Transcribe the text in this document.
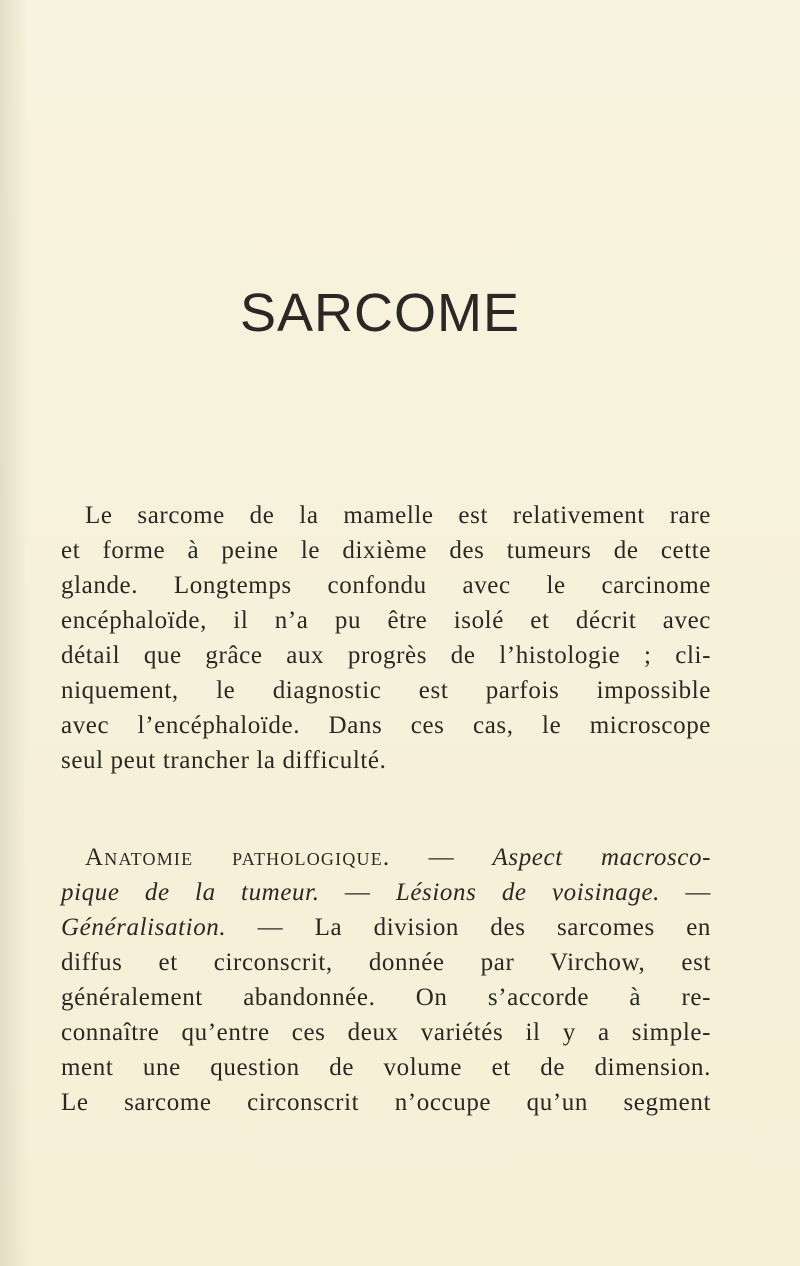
SARCOME
Le sarcome de la mamelle est relativement rare
et forme à peine le dixième des tumeurs de cette
glande. Longtemps confondu avec le carcinome
encéphaloïde, il n’a pu être isolé et décrit avec
détail que grâce aux progrès de l’histologie ; cli-
niquement, le diagnostic est parfois impossible
avec l’encéphaloïde. Dans ces cas, le microscope
seul peut trancher la difficulté.
Anatomie pathologique. — Aspect macrosco-
pique de la tumeur. — Lésions de voisinage. —
Généralisation. — La division des sarcomes en
diffus et circonscrit, donnée par Virchow, est
généralement abandonnée. On s’accorde à re-
connaître qu’entre ces deux variétés il y a simple-
ment une question de volume et de dimension.
Le sarcome circonscrit n’occupe qu’un segment
